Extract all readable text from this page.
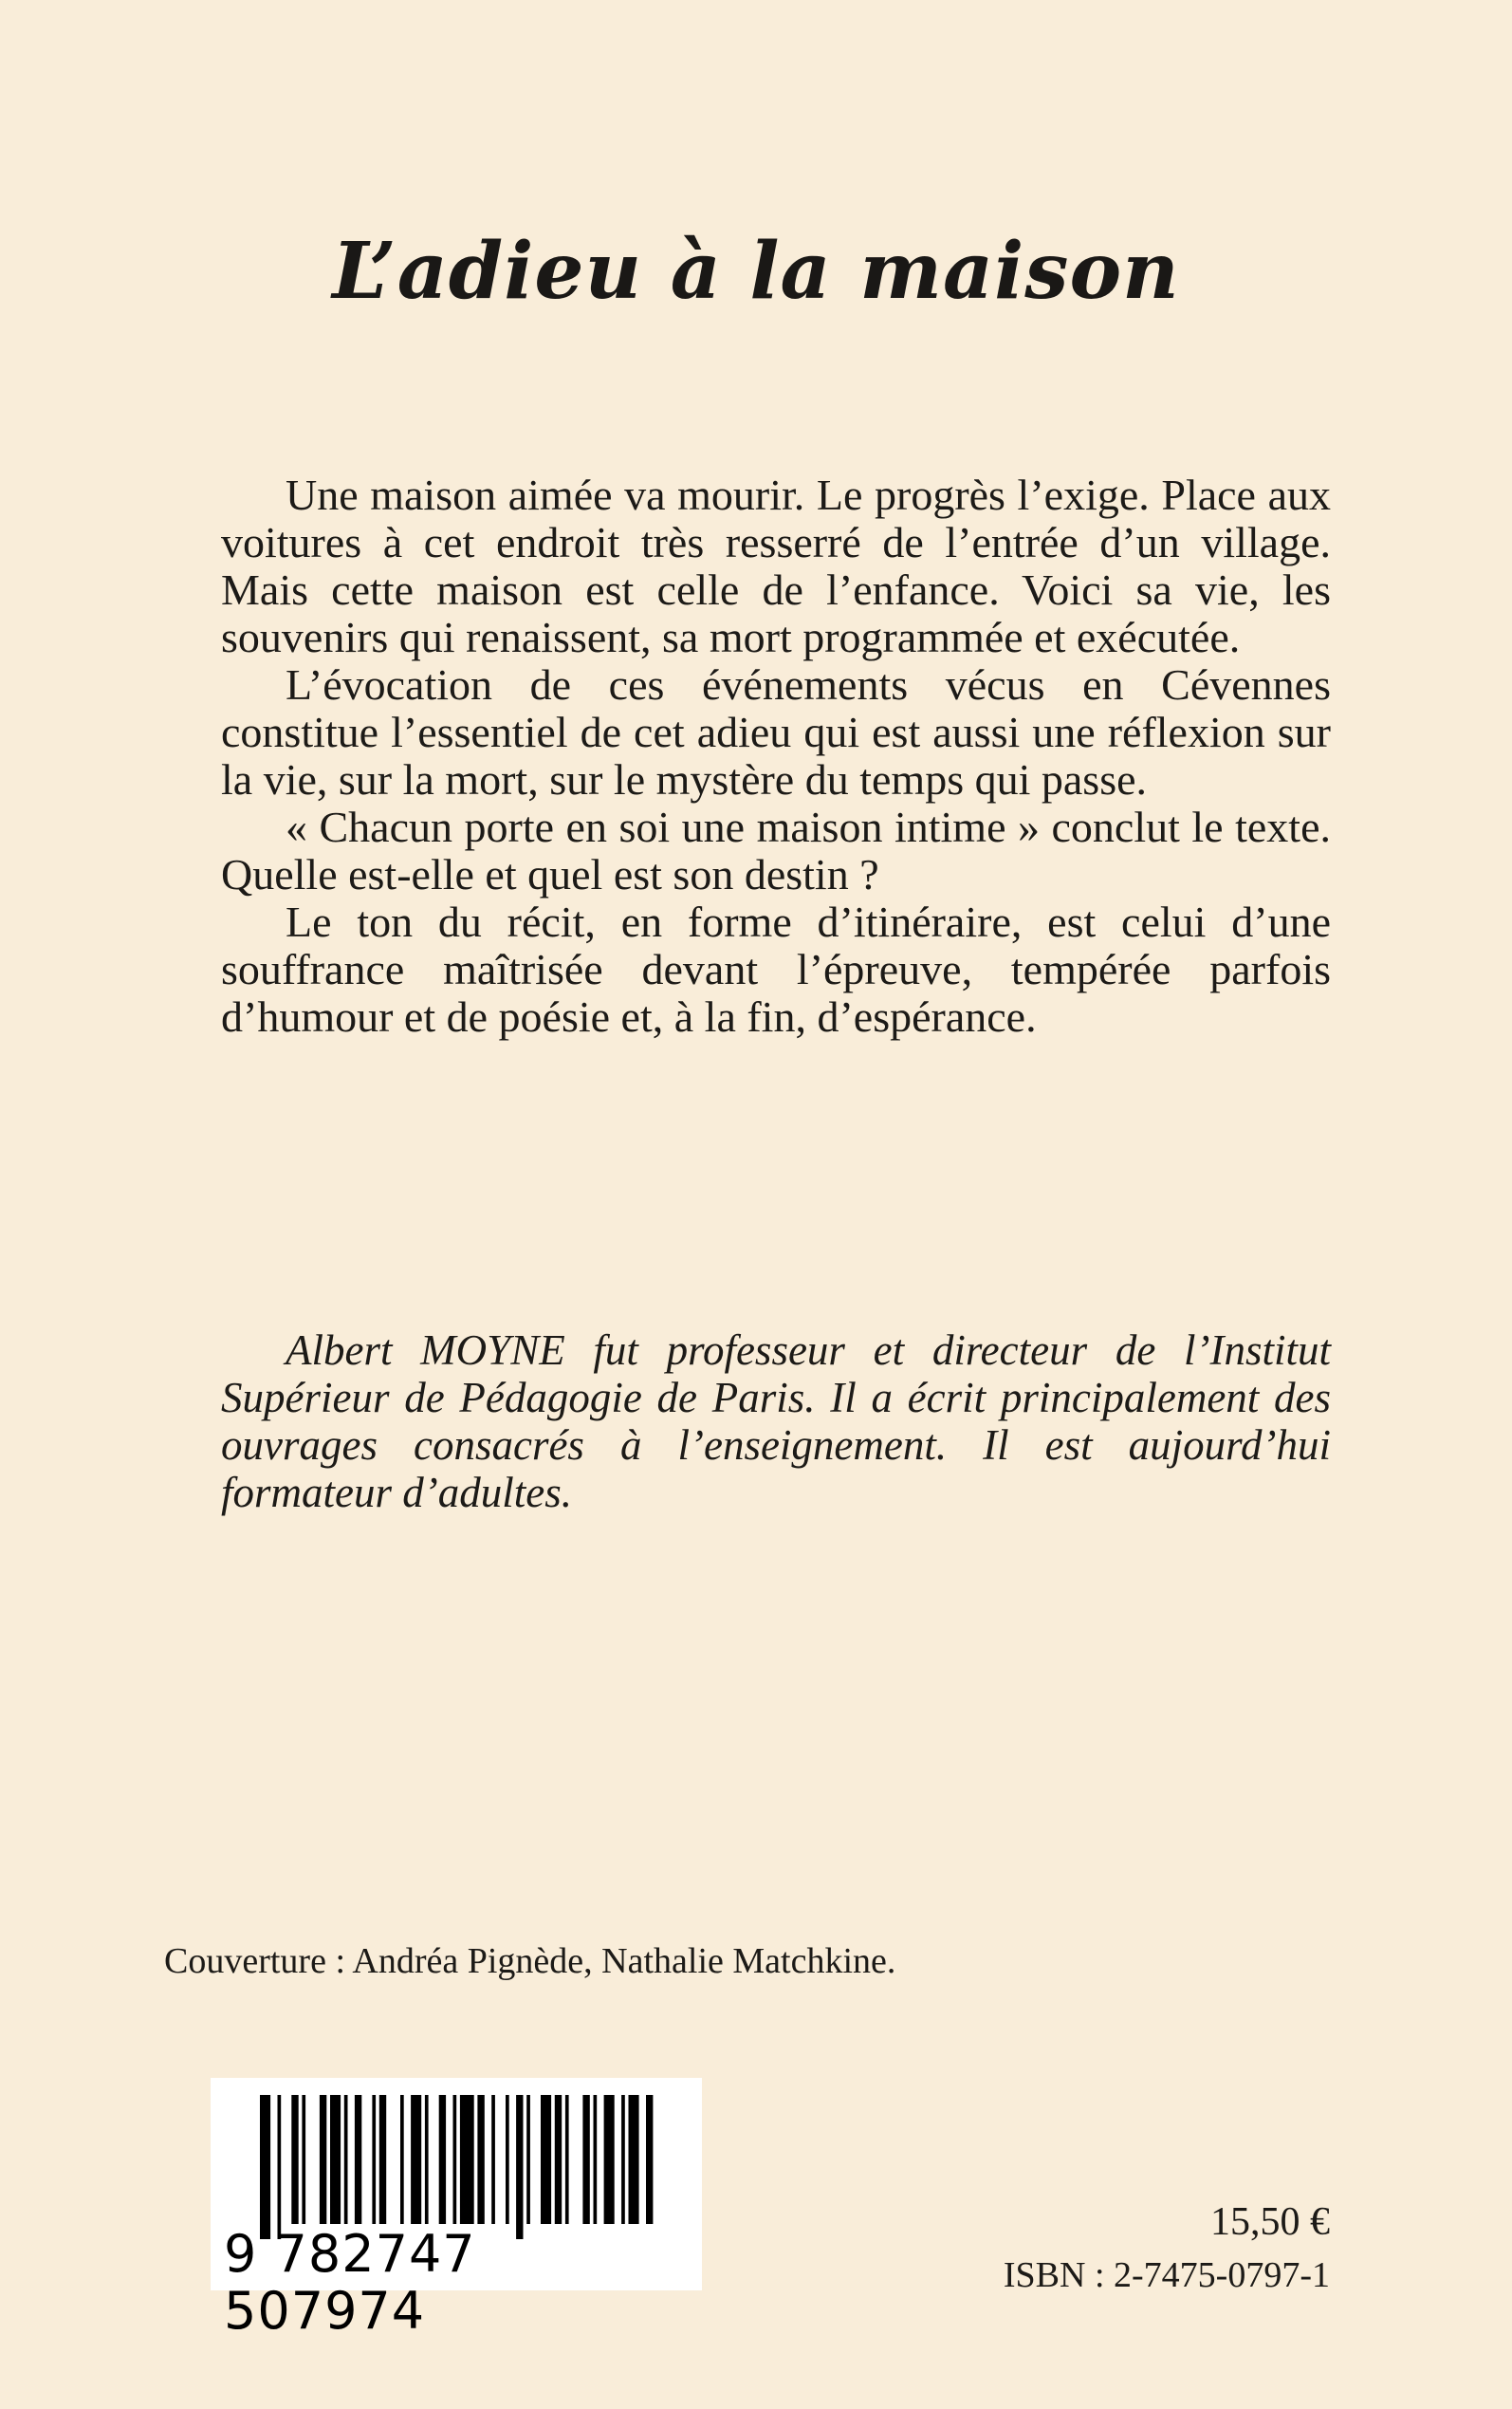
L’adieu à la maison

Une maison aimée va mourir. Le progrès l’exige. Place aux voitures à cet endroit très resserré de l’entrée d’un village. Mais cette maison est celle de l’enfance. Voici sa vie, les souvenirs qui renaissent, sa mort programmée et exécutée.

L’évocation de ces événements vécus en Cévennes constitue l’essentiel de cet adieu qui est aussi une réflexion sur la vie, sur la mort, sur le mystère du temps qui passe.

« Chacun porte en soi une maison intime » conclut le texte. Quelle est-elle et quel est son destin ?

Le ton du récit, en forme d’itinéraire, est celui d’une souffrance maîtrisée devant l’épreuve, tempérée parfois d’humour et de poésie et, à la fin, d’espérance.

Albert MOYNE fut professeur et directeur de l’Institut Supérieur de Pédagogie de Paris. Il a écrit principalement des ouvrages consacrés à l’enseignement. Il est aujourd’hui formateur d’adultes.
Couverture : Andréa Pignède, Nathalie Matchkine.
9 782747 507974
15,50 €
ISBN : 2-7475-0797-1
